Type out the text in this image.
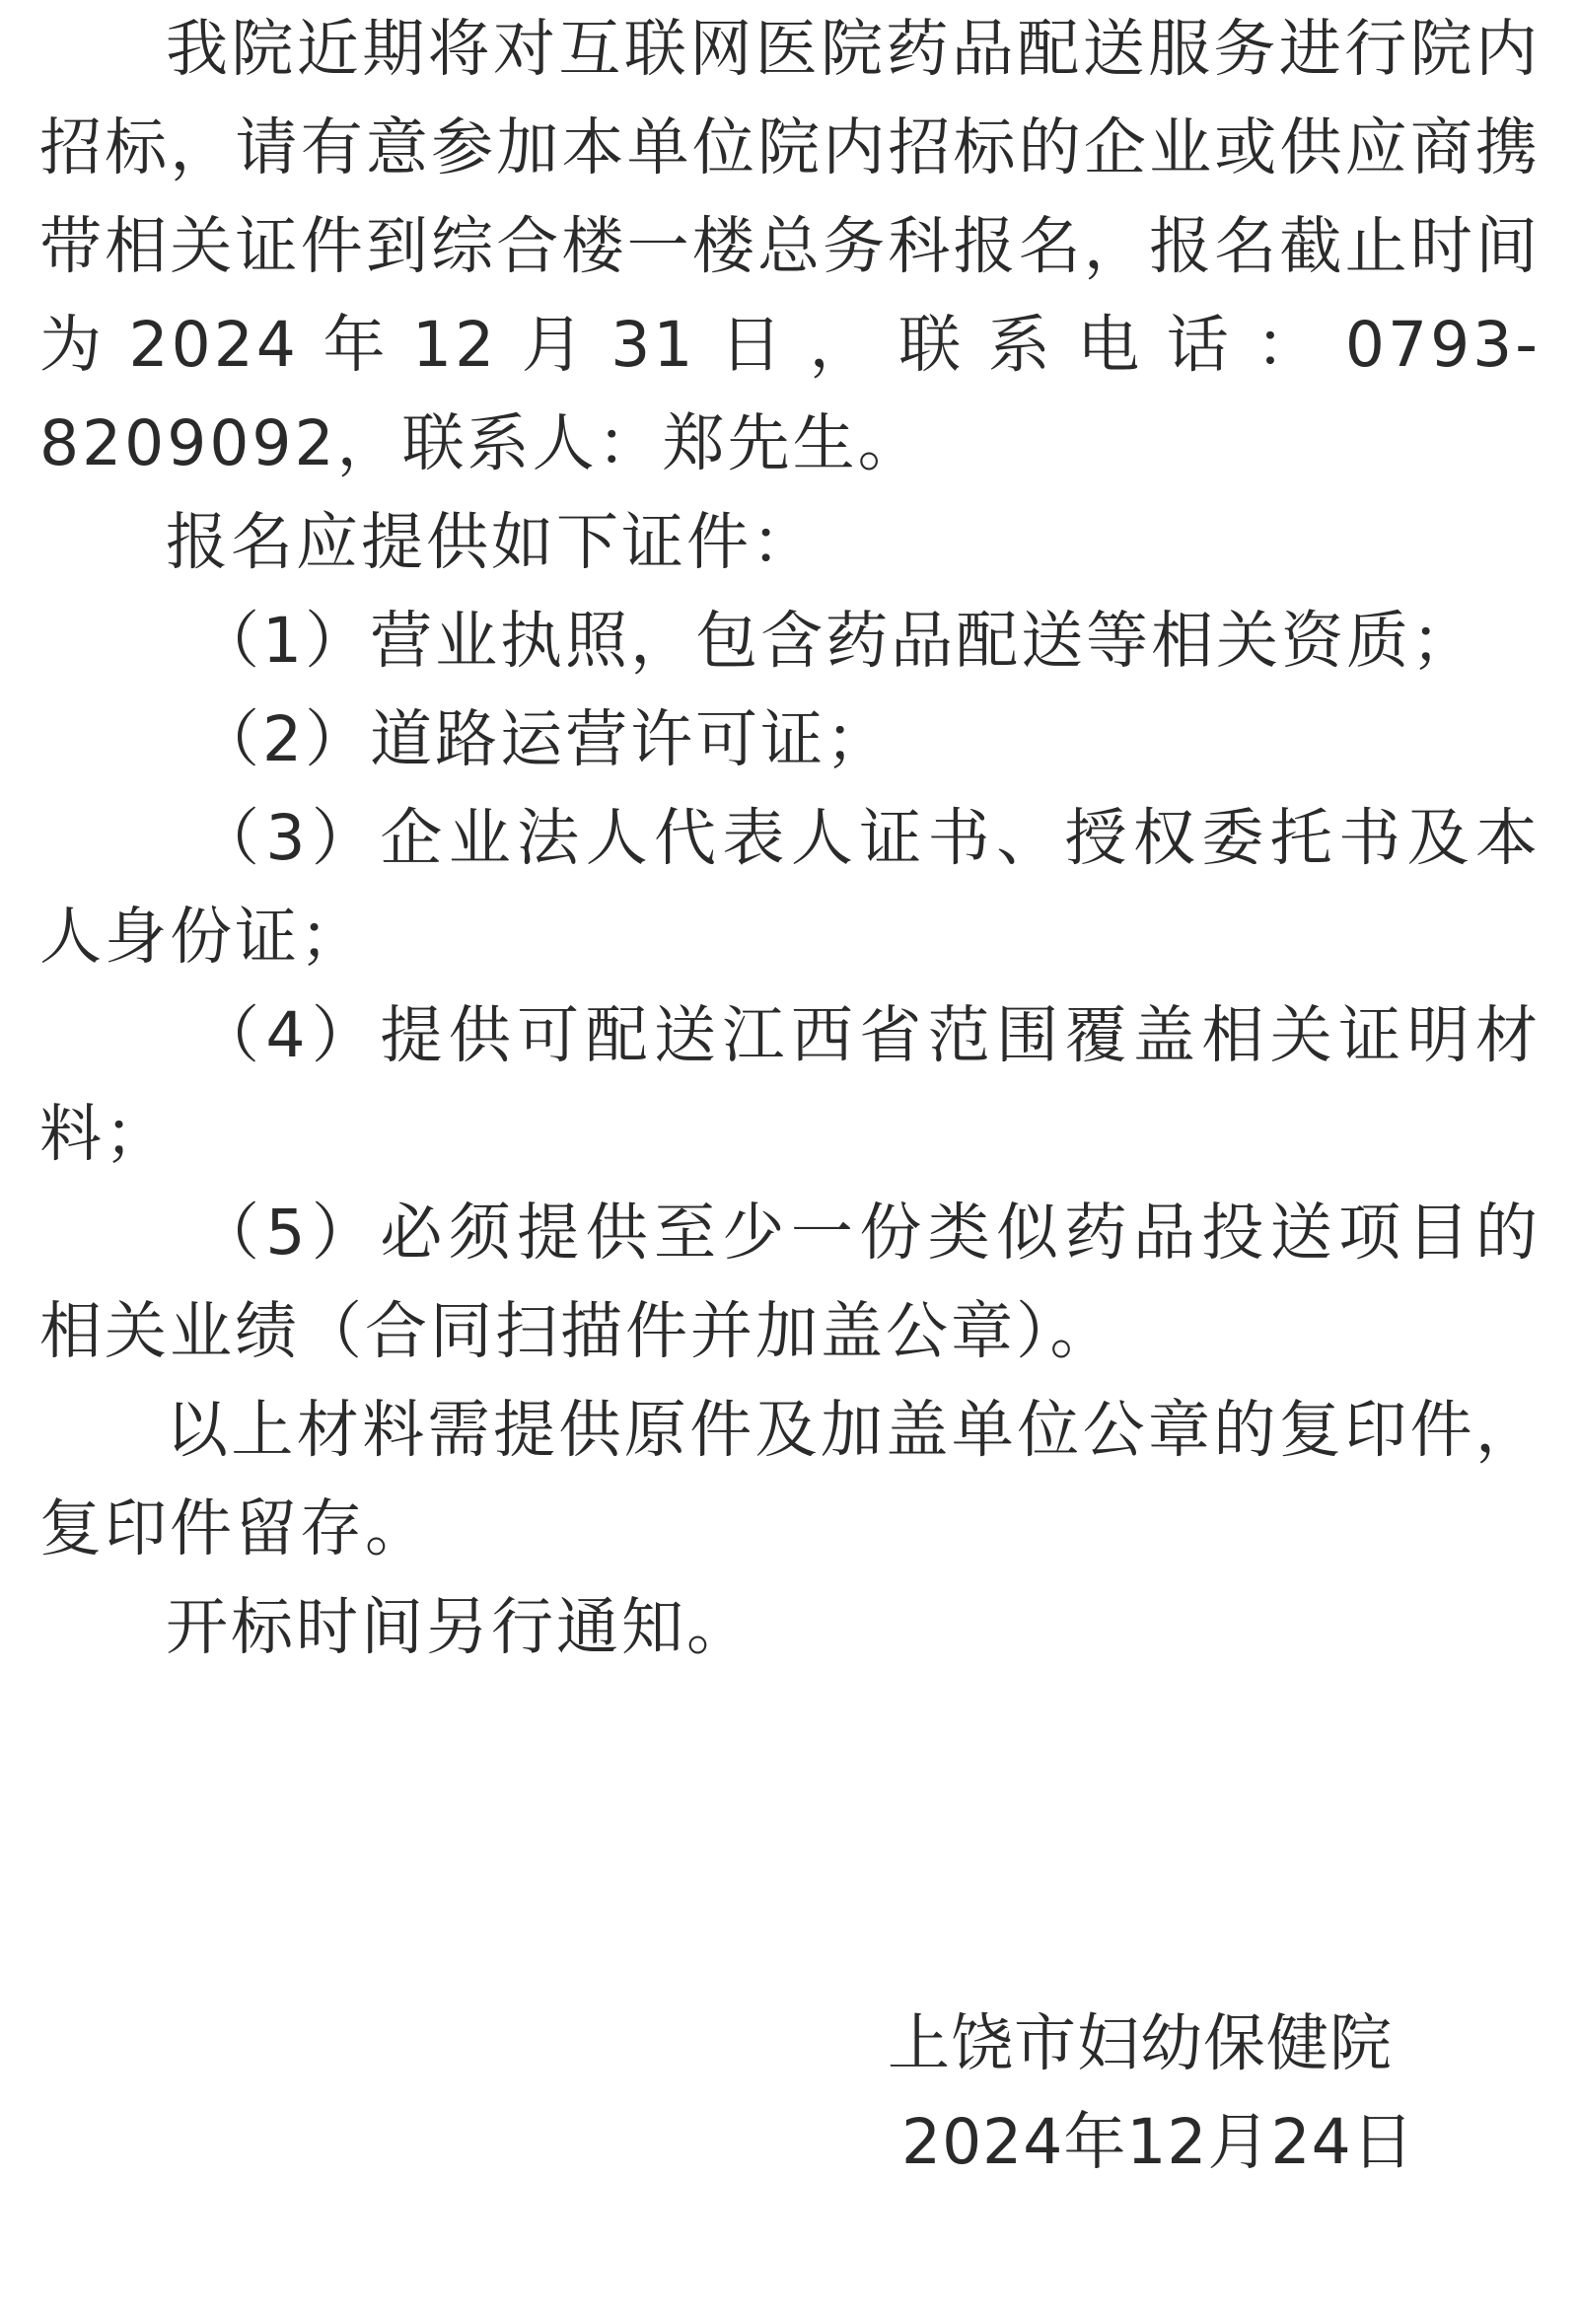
我院近期将对互联网医院药品配送服务进行院内招标，请有意参加本单位院内招标的企业或供应商携带相关证件到综合楼一楼总务科报名，报名截止时间为2024年12月31日，联系电话：0793-8209092，联系人：郑先生。

报名应提供如下证件：

（1）营业执照，包含药品配送等相关资质；

（2）道路运营许可证；

（3）企业法人代表人证书、授权委托书及本人身份证；

（4）提供可配送江西省范围覆盖相关证明材料；

（5）必须提供至少一份类似药品投送项目的相关业绩（合同扫描件并加盖公章）。

以上材料需提供原件及加盖单位公章的复印件，复印件留存。

开标时间另行通知。

上饶市妇幼保健院

2024年12月24日
